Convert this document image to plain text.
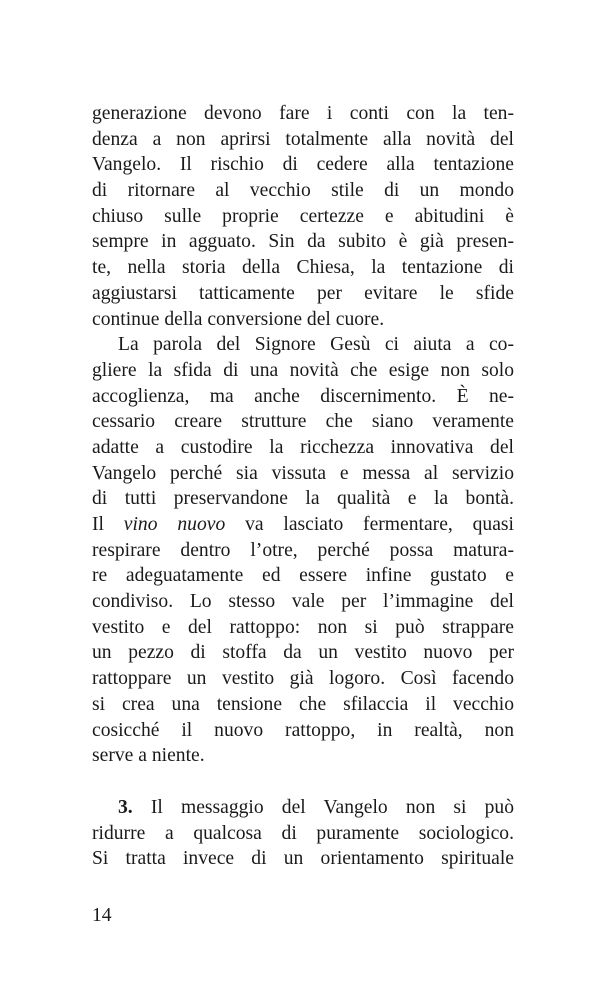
generazione devono fare i conti con la ten-
denza a non aprirsi totalmente alla novità del
Vangelo. Il rischio di cedere alla tentazione
di ritornare al vecchio stile di un mondo
chiuso sulle proprie certezze e abitudini è
sempre in agguato. Sin da subito è già presen-
te, nella storia della Chiesa, la tentazione di
aggiustarsi tatticamente per evitare le sfide
continue della conversione del cuore.
La parola del Signore Gesù ci aiuta a co-
gliere la sfida di una novità che esige non solo
accoglienza, ma anche discernimento. È ne-
cessario creare strutture che siano veramente
adatte a custodire la ricchezza innovativa del
Vangelo perché sia vissuta e messa al servizio
di tutti preservandone la qualità e la bontà.
Il vino nuovo va lasciato fermentare, quasi
respirare dentro l’otre, perché possa matura-
re adeguatamente ed essere infine gustato e
condiviso. Lo stesso vale per l’immagine del
vestito e del rattoppo: non si può strappare
un pezzo di stoffa da un vestito nuovo per
rattoppare un vestito già logoro. Così facendo
si crea una tensione che sfilaccia il vecchio
cosicché il nuovo rattoppo, in realtà, non
serve a niente.
3. Il messaggio del Vangelo non si può
ridurre a qualcosa di puramente sociologico.
Si tratta invece di un orientamento spirituale
14
